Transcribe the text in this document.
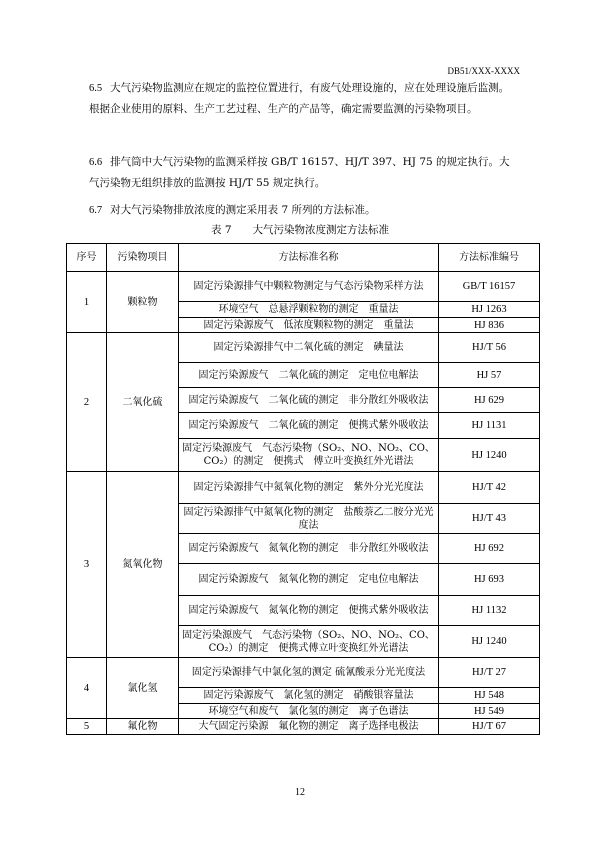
DB51/XXX-XXXX
6.5 大气污染物监测应在规定的监控位置进行，有废气处理设施的，应在处理设施后监测。根据企业使用的原料、生产工艺过程、生产的产品等，确定需要监测的污染物项目。
6.6 排气筒中大气污染物的监测采样按 GB/T 16157、HJ/T 397、HJ 75 的规定执行。大气污染物无组织排放的监测按 HJ/T 55 规定执行。
6.7 对大气污染物排放浓度的测定采用表 7 所列的方法标准。
表 7　　大气污染物浓度测定方法标准
序号	污染物项目	方法标准名称	方法标准编号
1	颗粒物	固定污染源排气中颗粒物测定与气态污染物采样方法	GB/T 16157
		环境空气　总悬浮颗粒物的测定　重量法	HJ 1263
		固定污染源废气　低浓度颗粒物的测定　重量法	HJ 836
2	二氧化硫	固定污染源排气中二氧化硫的测定　碘量法	HJ/T 56
		固定污染源废气　二氧化硫的测定　定电位电解法	HJ 57
		固定污染源废气　二氧化硫的测定　非分散红外吸收法	HJ 629
		固定污染源废气　二氧化硫的测定　便携式紫外吸收法	HJ 1131
		固定污染源废气　气态污染物（SO₂、NO、NO₂、CO、CO₂）的测定　便携式　傅立叶变换红外光谱法	HJ 1240
3	氮氧化物	固定污染源排气中氮氧化物的测定　紫外分光光度法	HJ/T 42
		固定污染源排气中氮氧化物的测定　盐酸萘乙二胺分光光度法	HJ/T 43
		固定污染源废气　氮氧化物的测定　非分散红外吸收法	HJ 692
		固定污染源废气　氮氧化物的测定　定电位电解法	HJ 693
		固定污染源废气　氮氧化物的测定　便携式紫外吸收法	HJ 1132
		固定污染源废气　气态污染物（SO₂、NO、NO₂、CO、CO₂）的测定　便携式傅立叶变换红外光谱法	HJ 1240
4	氯化氢	固定污染源排气中氯化氢的测定 硫氰酸汞分光光度法	HJ/T 27
		固定污染源废气　氯化氢的测定　硝酸银容量法	HJ 548
		环境空气和废气　氯化氢的测定　离子色谱法	HJ 549
5	氟化物	大气固定污染源　氟化物的测定　离子选择电极法	HJ/T 67
12
